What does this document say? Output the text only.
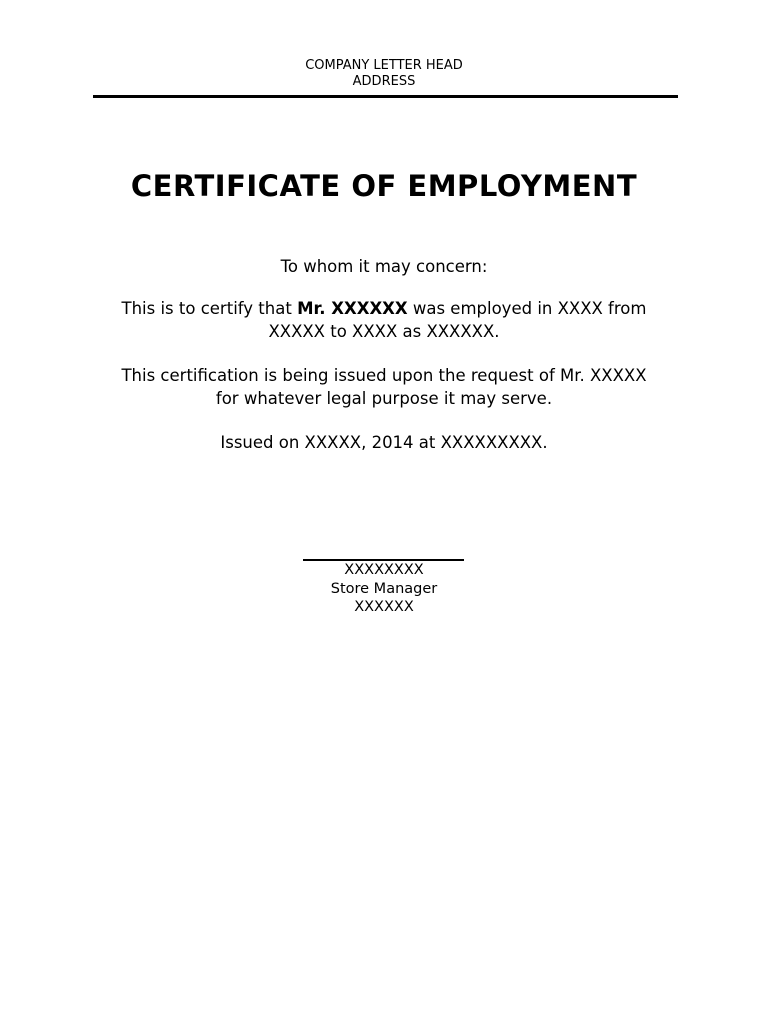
COMPANY LETTER HEAD
ADDRESS
CERTIFICATE OF EMPLOYMENT
To whom it may concern:
This is to certify that Mr. XXXXXX was employed in XXXX from
XXXXX to XXXX as XXXXXX.
This certification is being issued upon the request of Mr. XXXXX
for whatever legal purpose it may serve.
Issued on XXXXX, 2014 at XXXXXXXXX.
XXXXXXXX
Store Manager
XXXXXX
